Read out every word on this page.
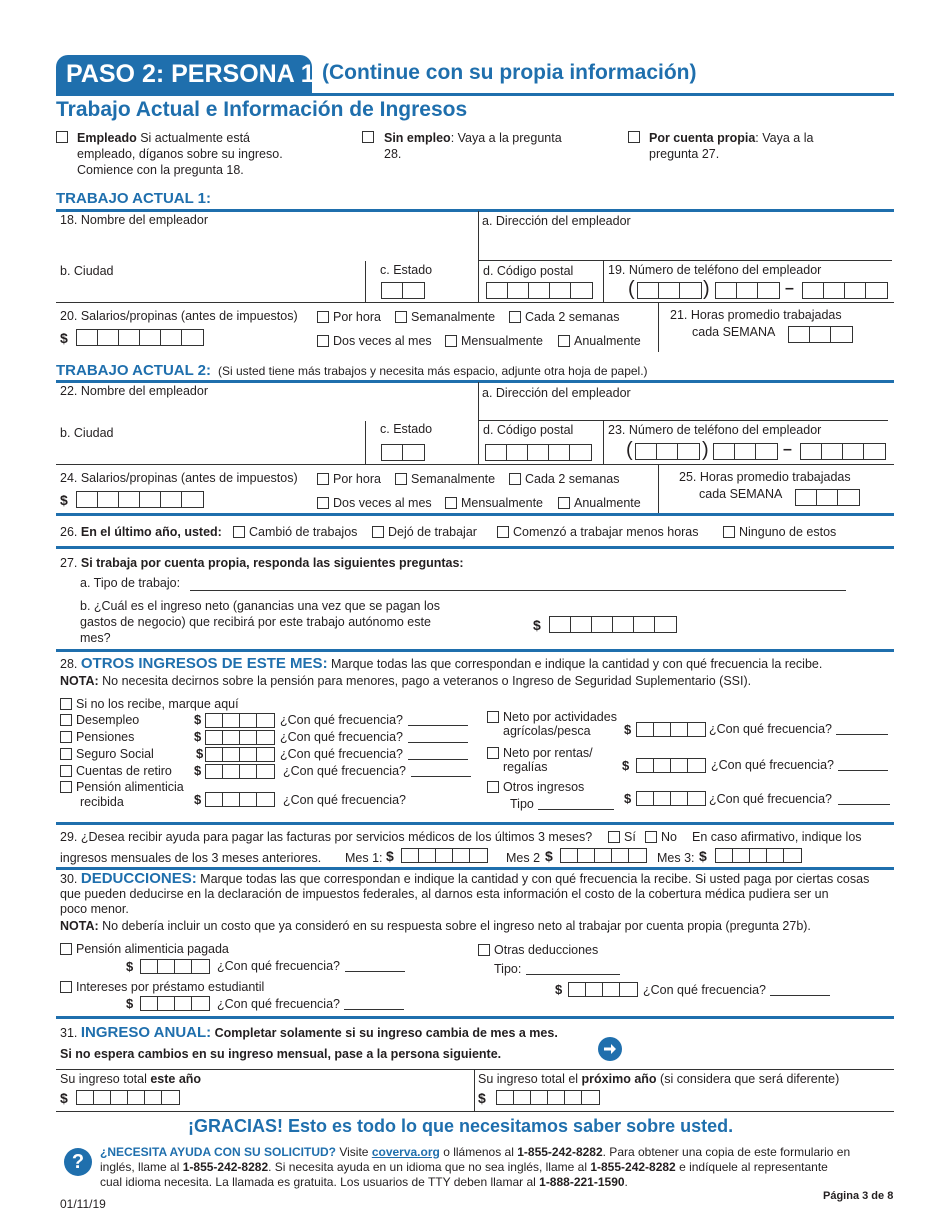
PASO 2: PERSONA 1 (Continue con su propia información)
Trabajo Actual e Información de Ingresos
Empleado Si actualmente está
empleado, díganos sobre su ingreso.
Comience con la pregunta 18.
Sin empleo: Vaya a la pregunta
28.
Por cuenta propia: Vaya a la
pregunta 27.
TRABAJO ACTUAL 1:
18. Nombre del empleador	a. Dirección del empleador
b. Ciudad	c. Estado	d. Código postal	19. Número de teléfono del empleador
(	)	–
20. Salarios/propinas (antes de impuestos)
$
Por hora	Semanalmente	Cada 2 semanas
Dos veces al mes	Mensualmente	Anualmente
21. Horas promedio trabajadas
cada SEMANA
TRABAJO ACTUAL 2: (Si usted tiene más trabajos y necesita más espacio, adjunte otra hoja de papel.)
22. Nombre del empleador	a. Dirección del empleador
b. Ciudad	c. Estado	d. Código postal	23. Número de teléfono del empleador
(	)	–
24. Salarios/propinas (antes de impuestos)
$
Por hora	Semanalmente	Cada 2 semanas
Dos veces al mes	Mensualmente	Anualmente
25. Horas promedio trabajadas
cada SEMANA
26. En el último año, usted:	Cambió de trabajos	Dejó de trabajar	Comenzó a trabajar menos horas	Ninguno de estos
27. Si trabaja por cuenta propia, responda las siguientes preguntas:
a. Tipo de trabajo:
b. ¿Cuál es el ingreso neto (ganancias una vez que se pagan los
gastos de negocio) que recibirá por este trabajo autónomo este
mes?
$
28. OTROS INGRESOS DE ESTE MES: Marque todas las que correspondan e indique la cantidad y con qué frecuencia la recibe.
NOTA: No necesita decirnos sobre la pensión para menores, pago a veteranos o Ingreso de Seguridad Suplementario (SSI).
Si no los recibe, marque aquí
Desempleo	$	¿Con qué frecuencia?
Pensiones	$	¿Con qué frecuencia?
Seguro Social	$	¿Con qué frecuencia?
Cuentas de retiro $	¿Con qué frecuencia?
Pensión alimenticia
recibida	$	¿Con qué frecuencia?
Neto por actividades
agrícolas/pesca	$	¿Con qué frecuencia?
Neto por rentas/
regalías	$	¿Con qué frecuencia?
Otros ingresos
Tipo	$	¿Con qué frecuencia?
29. ¿Desea recibir ayuda para pagar las facturas por servicios médicos de los últimos 3 meses?	Sí	No En caso afirmativo, indique los
ingresos mensuales de los 3 meses anteriores. Mes 1: $	Mes 2 $	Mes 3: $
30. DEDUCCIONES: Marque todas las que correspondan e indique la cantidad y con qué frecuencia la recibe. Si usted paga por ciertas cosas
que pueden deducirse en la declaración de impuestos federales, al darnos esta información el costo de la cobertura médica pudiera ser un
poco menor.
NOTA: No debería incluir un costo que ya consideró en su respuesta sobre el ingreso neto al trabajar por cuenta propia (pregunta 27b).
Pensión alimenticia pagada
$	¿Con qué frecuencia?
Intereses por préstamo estudiantil
$	¿Con qué frecuencia?
Otras deducciones
Tipo:
$	¿Con qué frecuencia?
31. INGRESO ANUAL: Completar solamente si su ingreso cambia de mes a mes.
Si no espera cambios en su ingreso mensual, pase a la persona siguiente.
Su ingreso total este año
$
Su ingreso total el próximo año (si considera que será diferente)
$
¡GRACIAS! Esto es todo lo que necesitamos saber sobre usted.
?	¿NECESITA AYUDA CON SU SOLICITUD? Visite coverva.org o llámenos al 1-855-242-8282. Para obtener una copia de este formulario en
inglés, llame al 1-855-242-8282. Si necesita ayuda en un idioma que no sea inglés, llame al 1-855-242-8282 e indíquele al representante
cual idioma necesita. La llamada es gratuita. Los usuarios de TTY deben llamar al 1-888-221-1590.
01/11/19
Página 3 de 8
